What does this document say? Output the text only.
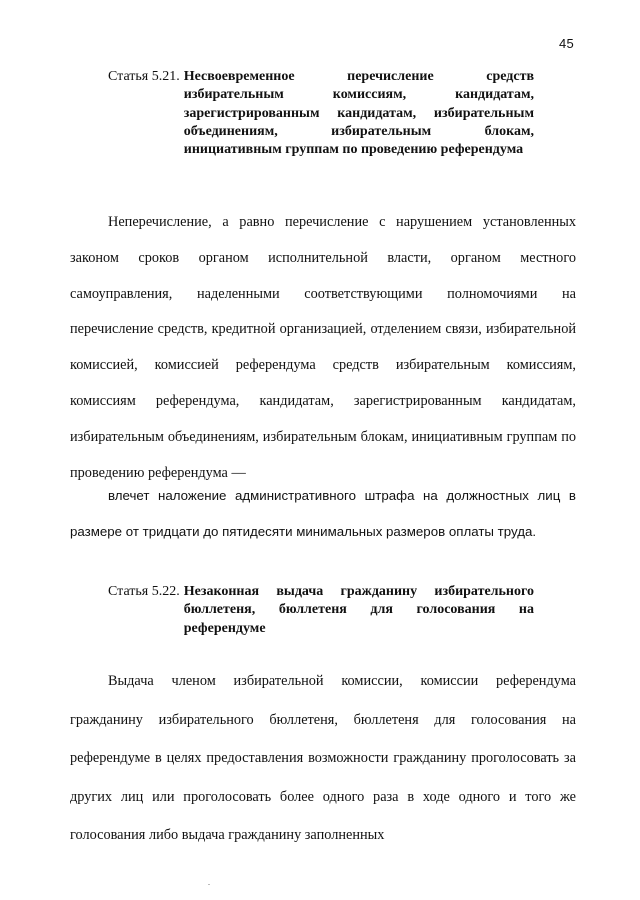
45
Статья 5.21. Несвоевременное перечисление средств избирательным комиссиям, кандидатам, зарегистрированным кандидатам, избирательным объединениям, избирательным блокам, инициативным группам по проведению референдума

Неперечисление, а равно перечисление с нарушением установленных законом сроков органом исполнительной власти, органом местного самоуправления, наделенными соответствующими полномочиями на перечисление средств, кредитной организацией, отделением связи, избирательной комиссией, комиссией референдума средств избирательным комиссиям, комиссиям референдума, кандидатам, зарегистрированным кандидатам, избирательным объединениям, избирательным блокам, инициативным группам по проведению референдума —

влечет наложение административного штрафа на должностных лиц в размере от тридцати до пятидесяти минимальных размеров оплаты труда.

Статья 5.22. Незаконная выдача гражданину избирательного бюллетеня, бюллетеня для голосования на референдуме

Выдача членом избирательной комиссии, комиссии референдума гражданину избирательного бюллетеня, бюллетеня для голосования на референдуме в целях предоставления возможности гражданину проголосовать за других лиц или проголосовать более одного раза в ходе одного и того же голосования либо выдача гражданину заполненных
